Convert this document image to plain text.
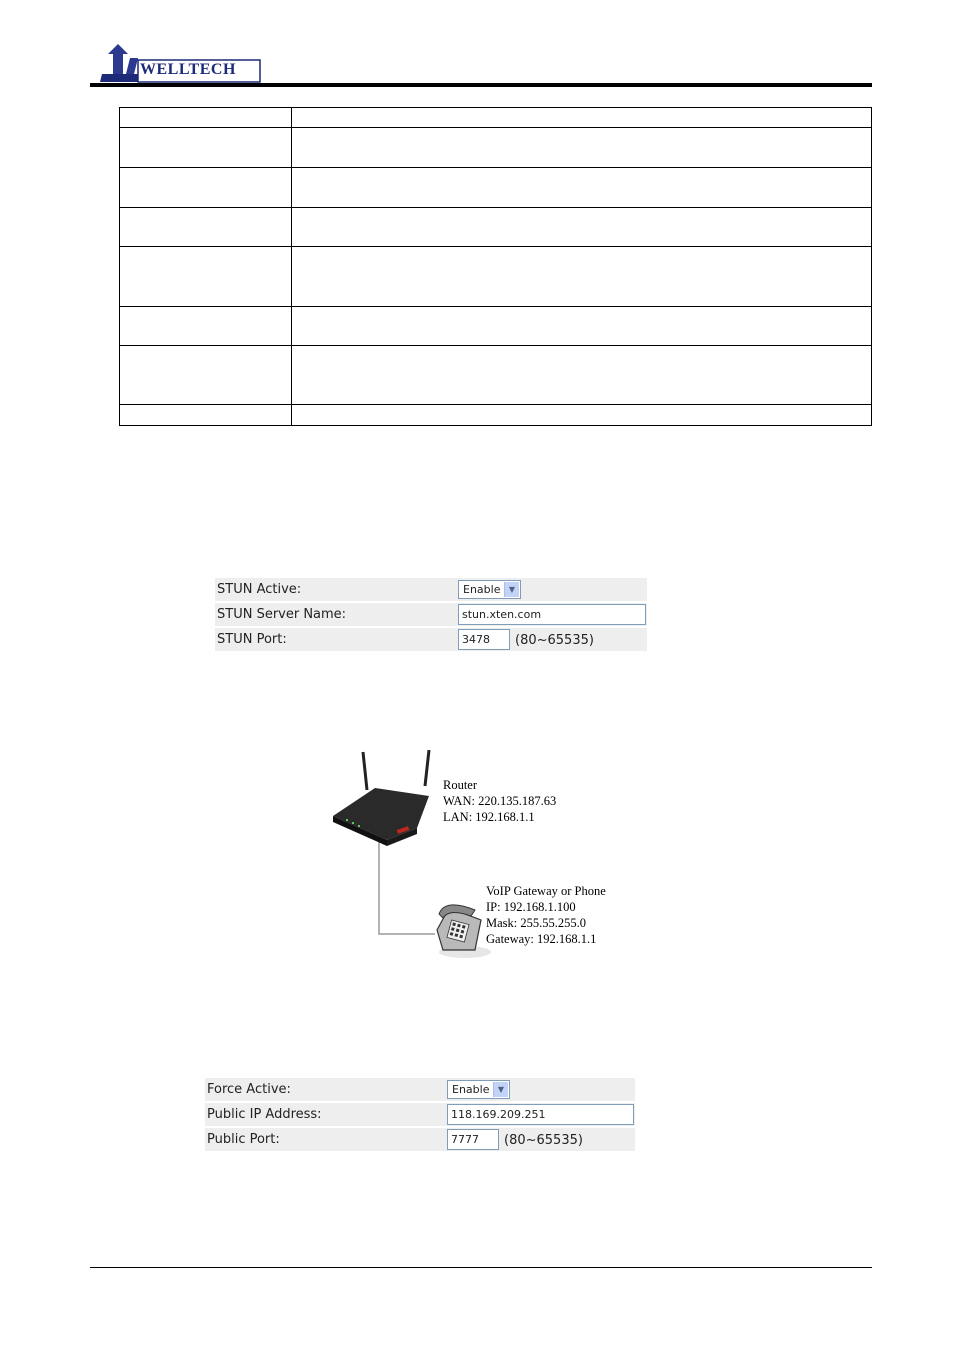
WELLTECH

STUN Active:	Enable	▼
STUN Server Name:	stun.xten.com
STUN Port:	3478	(80~65535)
Router
WAN: 220.135.187.63
LAN: 192.168.1.1
VoIP Gateway or Phone
IP: 192.168.1.100
Mask: 255.55.255.0
Gateway: 192.168.1.1
Force Active:	Enable	▼
Public IP Address:	118.169.209.251
Public Port:	7777	(80~65535)
